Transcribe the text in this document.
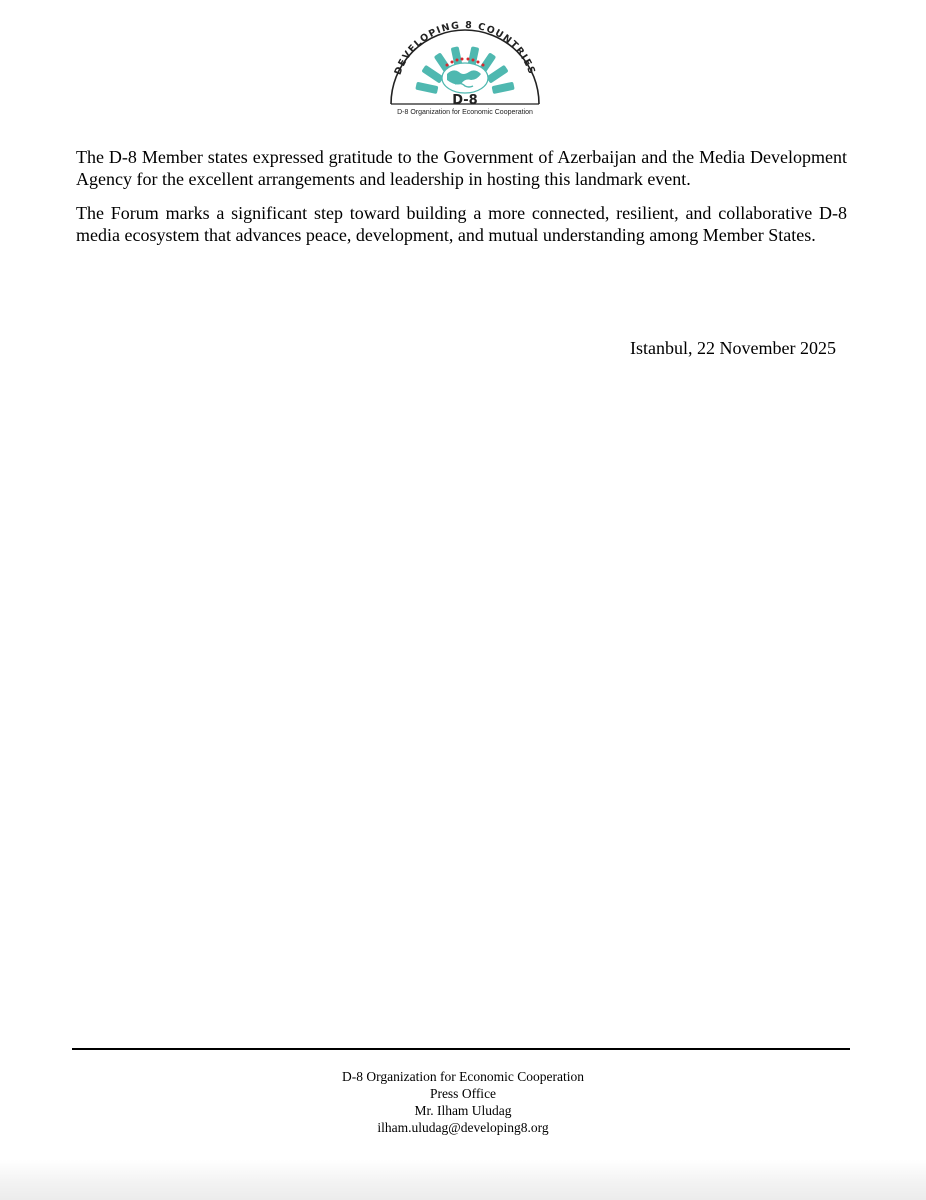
DEVELOPING 8 COUNTRIES
D-8
D-8 Organization for Economic Cooperation

The D-8 Member states expressed gratitude to the Government of Azerbaijan and the Media Development Agency for the excellent arrangements and leadership in hosting this landmark event.

The Forum marks a significant step toward building a more connected, resilient, and collaborative D-8 media ecosystem that advances peace, development, and mutual understanding among Member States.

Istanbul, 22 November 2025
D-8 Organization for Economic Cooperation
Press Office
Mr. Ilham Uludag
ilham.uludag@developing8.org
